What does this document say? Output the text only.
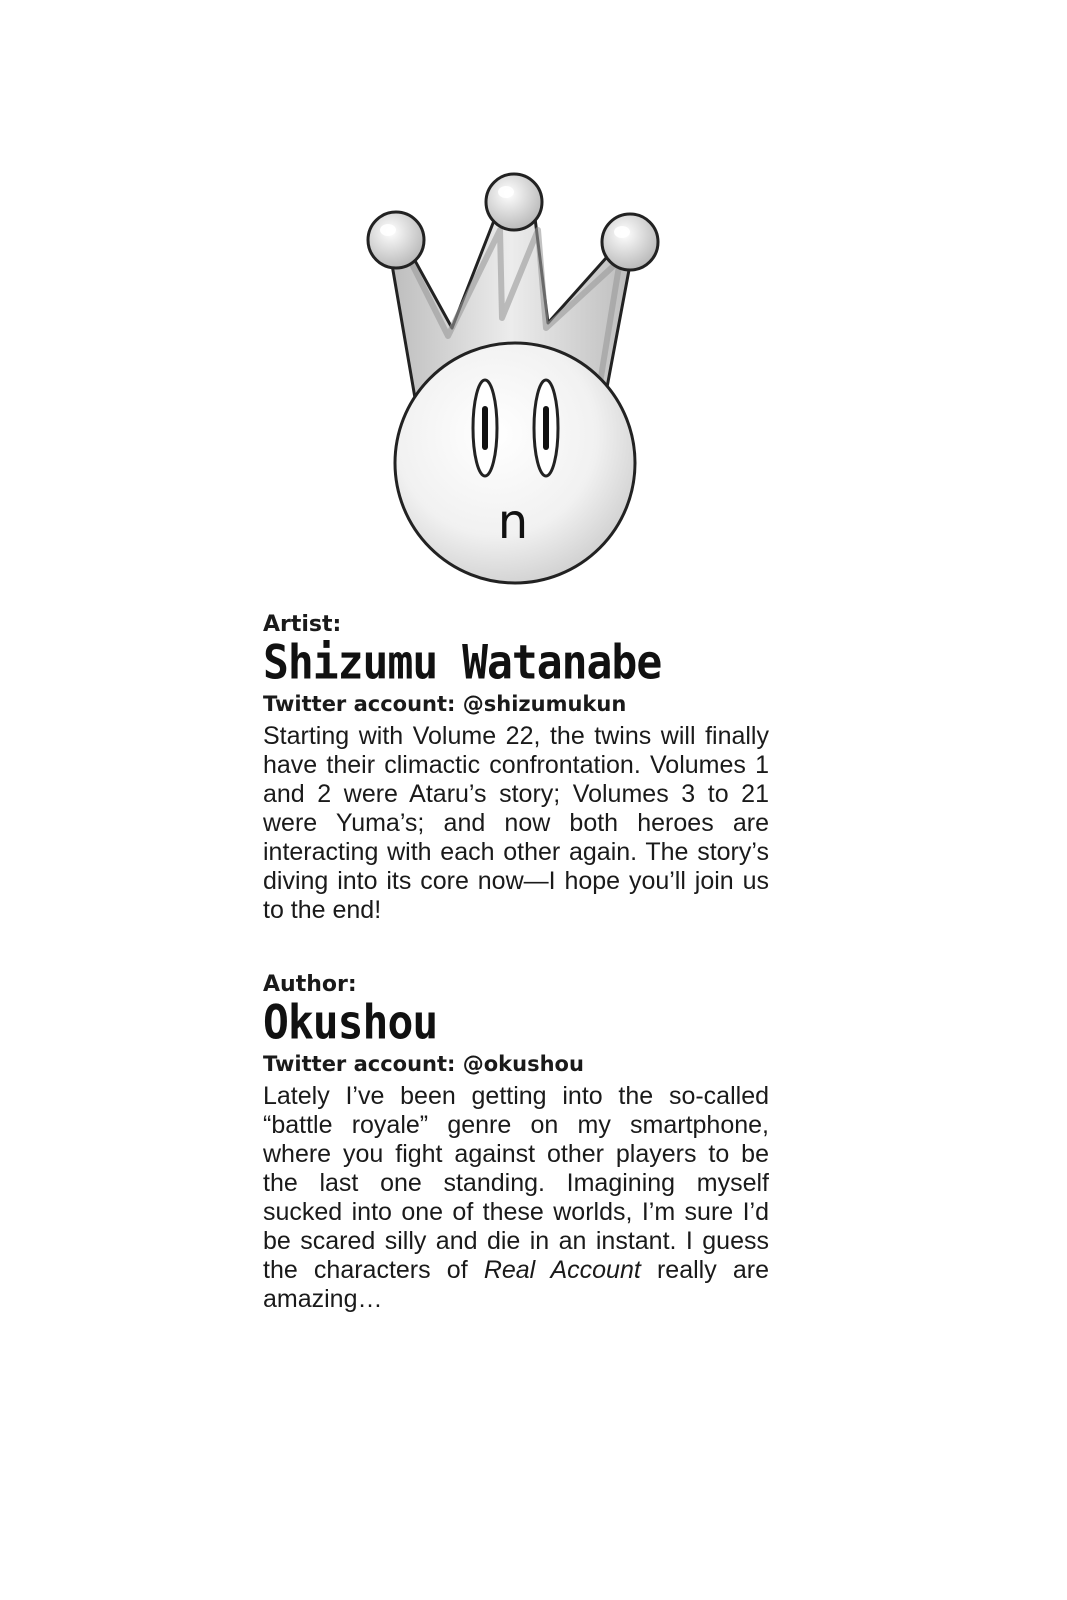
n

Artist:

Shizumu Watanabe

Twitter account: @shizumukun

Starting with Volume 22, the twins will finally have their climactic confrontation. Volumes 1 and 2 were Ataru’s story; Volumes 3 to 21 were Yuma’s; and now both heroes are interacting with each other again. The story’s diving into its core now—I hope you’ll join us to the end!

Author:

Okushou

Twitter account: @okushou

Lately I’ve been getting into the so-called “battle royale” genre on my smartphone, where you fight against other players to be the last one standing. Imagining myself sucked into one of these worlds, I’m sure I’d be scared silly and die in an instant. I guess the characters of Real Account really are amazing…
